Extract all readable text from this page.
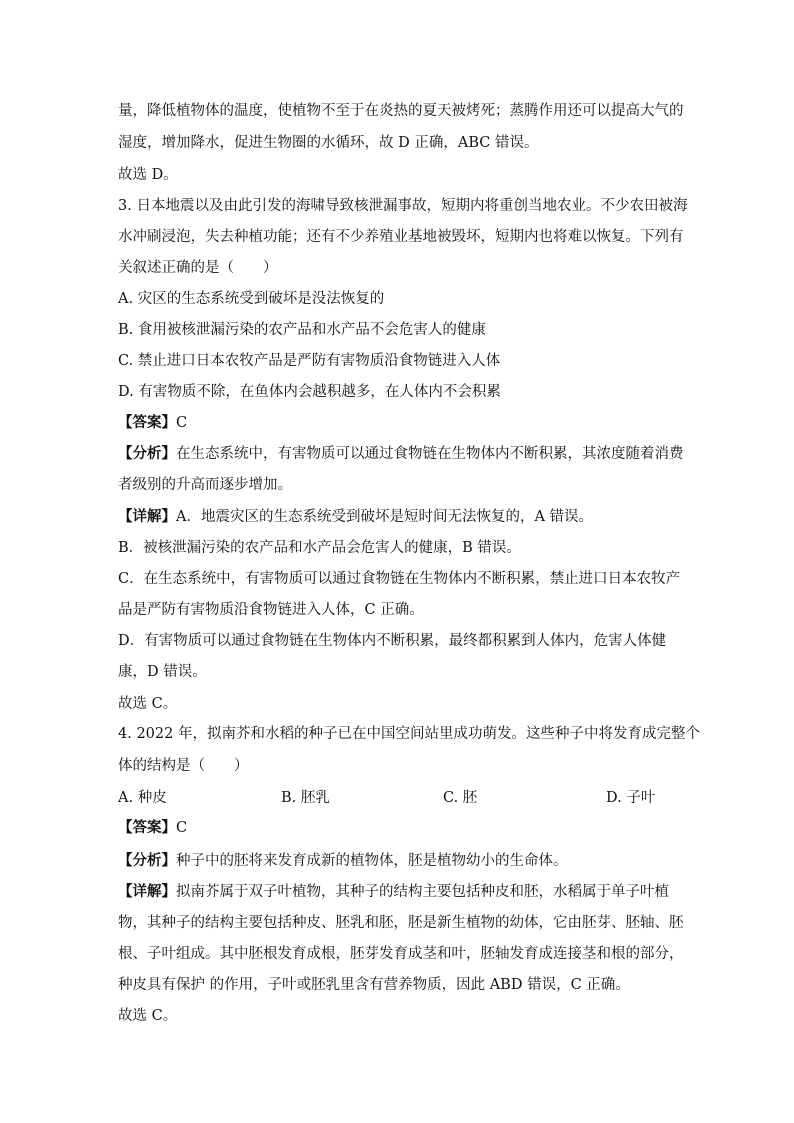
量，降低植物体的温度，使植物不至于在炎热的夏天被烤死；蒸腾作用还可以提高大气的
湿度，增加降水，促进生物圈的水循环，故 D 正确，ABC 错误。
故选 D。
3. 日本地震以及由此引发的海啸导致核泄漏事故，短期内将重创当地农业。不少农田被海
水冲刷浸泡，失去种植功能；还有不少养殖业基地被毁坏，短期内也将难以恢复。下列有
关叙述正确的是（　　）
A. 灾区的生态系统受到破坏是没法恢复的
B. 食用被核泄漏污染的农产品和水产品不会危害人的健康
C. 禁止进口日本农牧产品是严防有害物质沿食物链进入人体
D. 有害物质不除，在鱼体内会越积越多，在人体内不会积累
【答案】C
【分析】在生态系统中，有害物质可以通过食物链在生物体内不断积累，其浓度随着消费
者级别的升高而逐步增加。
【详解】A．地震灾区的生态系统受到破坏是短时间无法恢复的，A 错误。
B．被核泄漏污染的农产品和水产品会危害人的健康，B 错误。
C．在生态系统中，有害物质可以通过食物链在生物体内不断积累，禁止进口日本农牧产
品是严防有害物质沿食物链进入人体，C 正确。
D．有害物质可以通过食物链在生物体内不断积累，最终都积累到人体内，危害人体健
康，D 错误。
故选 C。
4. 2022 年，拟南芥和水稻的种子已在中国空间站里成功萌发。这些种子中将发育成完整个
体的结构是（　　）
A. 种皮	B. 胚乳	C. 胚	D. 子叶
【答案】C
【分析】种子中的胚将来发育成新的植物体，胚是植物幼小的生命体。
【详解】拟南芥属于双子叶植物，其种子的结构主要包括种皮和胚，水稻属于单子叶植
物，其种子的结构主要包括种皮、胚乳和胚，胚是新生植物的幼体，它由胚芽、胚轴、胚
根、子叶组成。其中胚根发育成根，胚芽发育成茎和叶，胚轴发育成连接茎和根的部分，
种皮具有保护 的作用，子叶或胚乳里含有营养物质，因此 ABD 错误，C 正确。
故选 C。
